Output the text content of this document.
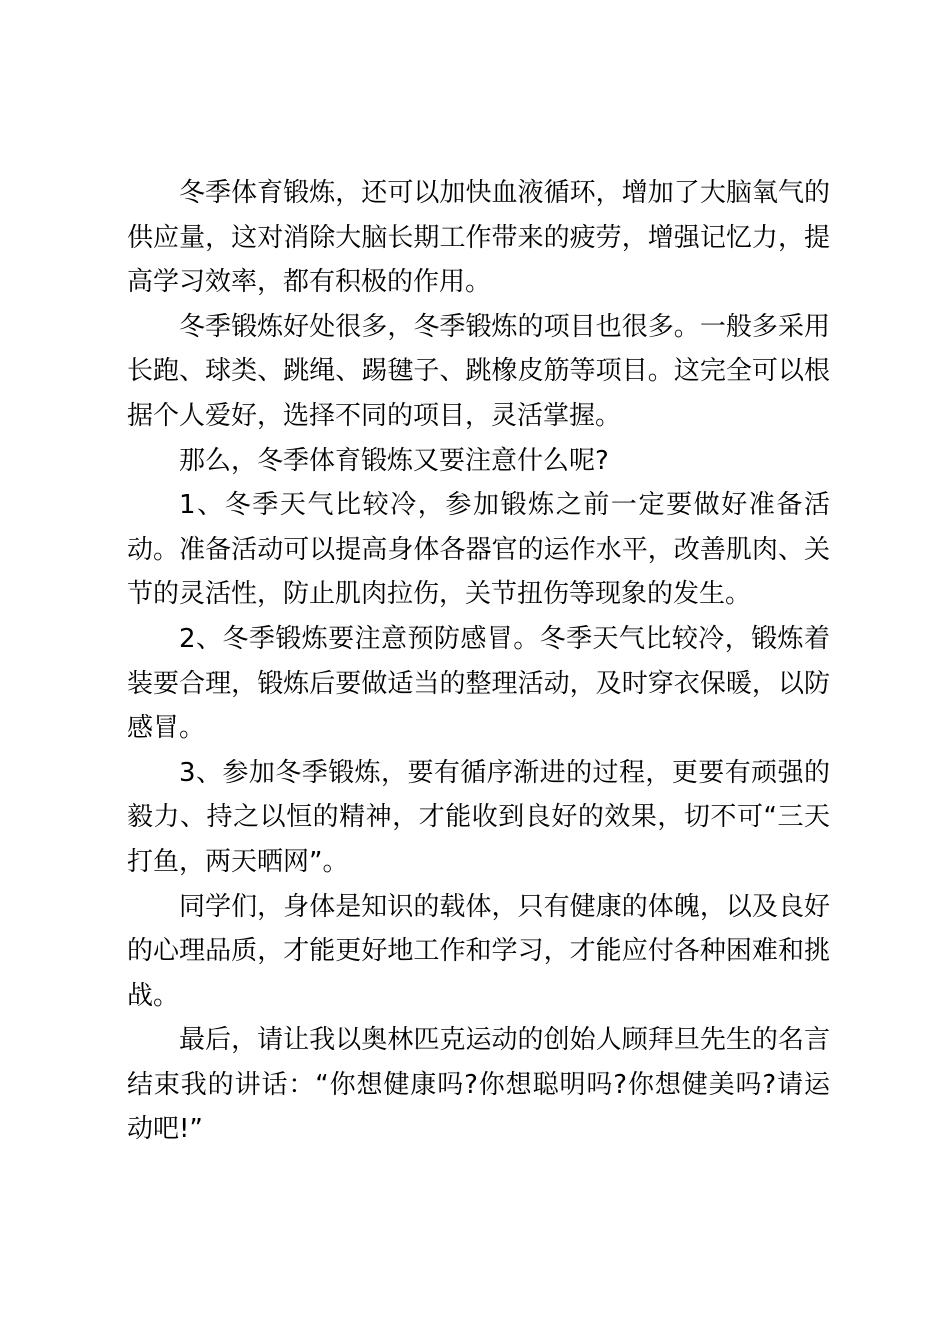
冬季体育锻炼，还可以加快血液循环，增加了大脑氧气的供应量，这对消除大脑长期工作带来的疲劳，增强记忆力，提高学习效率，都有积极的作用。

冬季锻炼好处很多，冬季锻炼的项目也很多。一般多采用长跑、球类、跳绳、踢毽子、跳橡皮筋等项目。这完全可以根据个人爱好，选择不同的项目，灵活掌握。

那么，冬季体育锻炼又要注意什么呢?

1、冬季天气比较冷，参加锻炼之前一定要做好准备活动。准备活动可以提高身体各器官的运作水平，改善肌肉、关节的灵活性，防止肌肉拉伤，关节扭伤等现象的发生。

2、冬季锻炼要注意预防感冒。冬季天气比较冷，锻炼着装要合理，锻炼后要做适当的整理活动，及时穿衣保暖，以防感冒。

3、参加冬季锻炼，要有循序渐进的过程，更要有顽强的毅力、持之以恒的精神，才能收到良好的效果，切不可“三天打鱼，两天晒网”。

同学们，身体是知识的载体，只有健康的体魄，以及良好的心理品质，才能更好地工作和学习，才能应付各种困难和挑战。

最后，请让我以奥林匹克运动的创始人顾拜旦先生的名言结束我的讲话：“你想健康吗?你想聪明吗?你想健美吗?请运动吧!”
